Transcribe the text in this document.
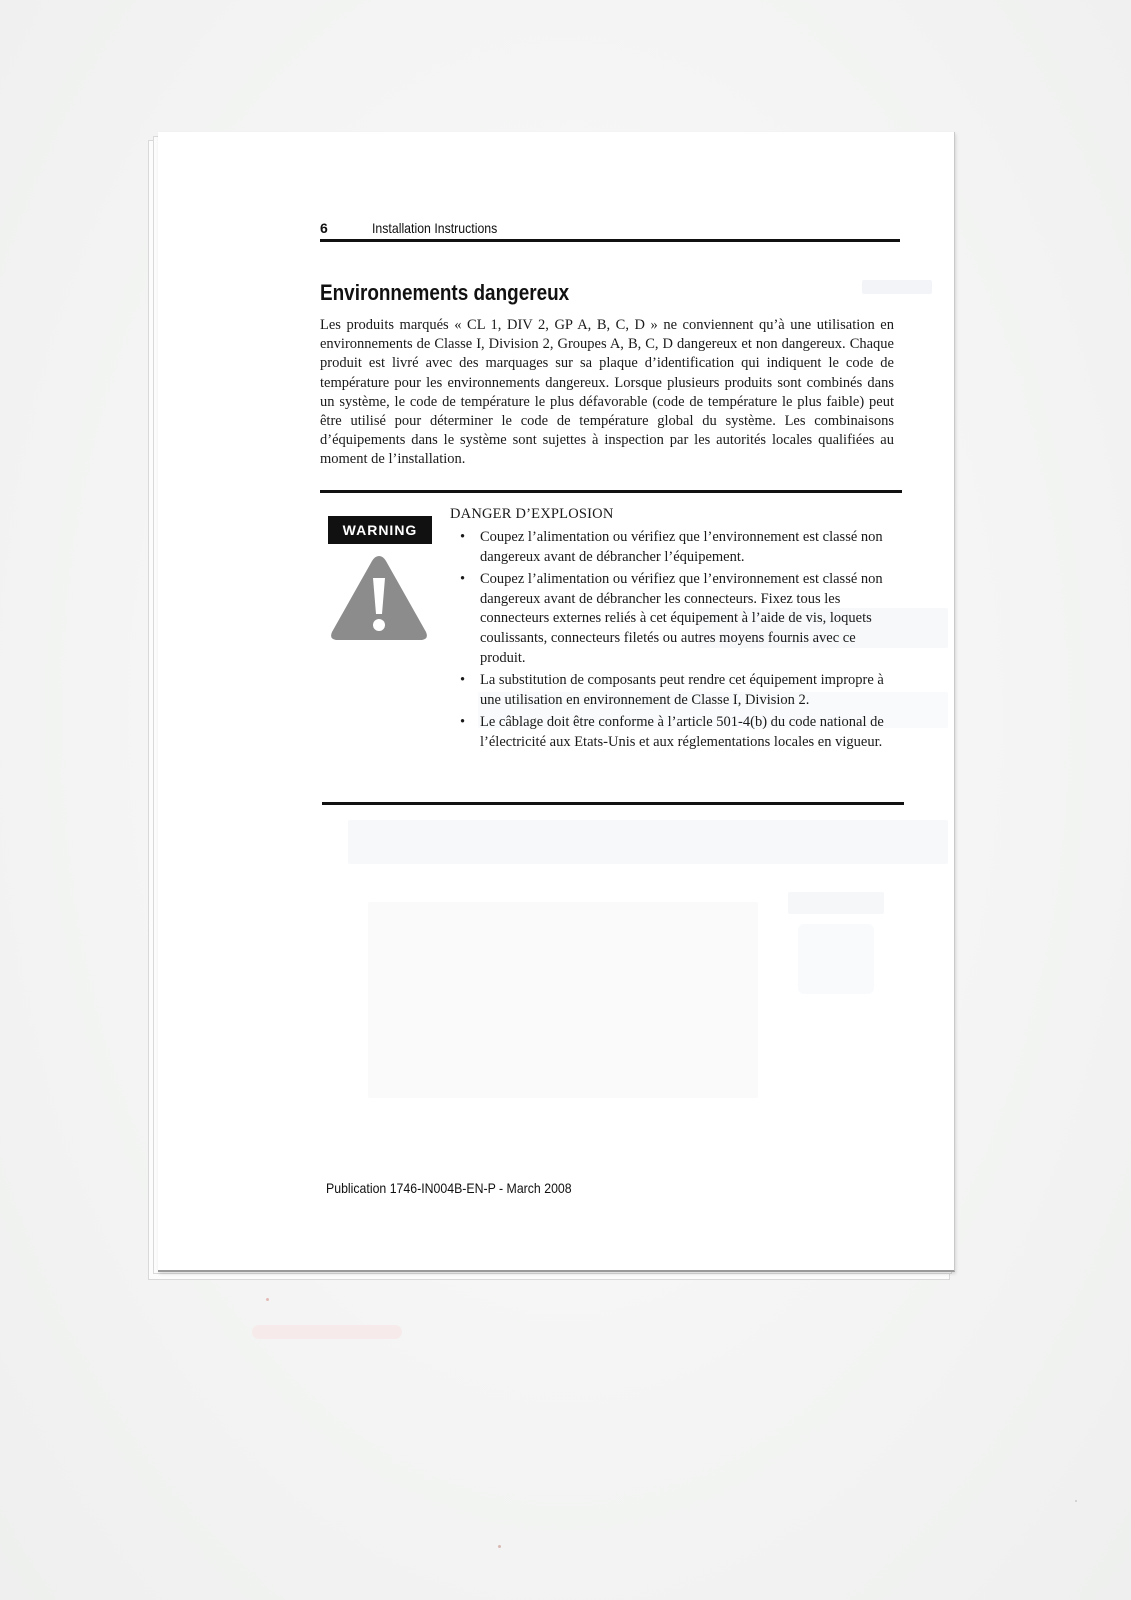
6	Installation Instructions
Environnements dangereux

Les produits marqués « CL 1, DIV 2, GP A, B, C, D » ne conviennent qu’à une utilisation en environnements de Classe I, Division 2, Groupes A, B, C, D dangereux et non dangereux. Chaque produit est livré avec des marquages sur sa plaque d’identification qui indiquent le code de température pour les environnements dangereux. Lorsque plusieurs produits sont combinés dans un système, le code de température le plus défavorable (code de température le plus faible) peut être utilisé pour déterminer le code de température global du système. Les combinaisons d’équipements dans le système sont sujettes à inspection par les autorités locales qualifiées au moment de l’installation.

WARNING
DANGER D’EXPLOSION
• Coupez l’alimentation ou vérifiez que l’environnement est classé non dangereux avant de débrancher l’équipement.
• Coupez l’alimentation ou vérifiez que l’environnement est classé non dangereux avant de débrancher les connecteurs. Fixez tous les connecteurs externes reliés à cet équipement à l’aide de vis, loquets coulissants, connecteurs filetés ou autres moyens fournis avec ce produit.
• La substitution de composants peut rendre cet équipement impropre à une utilisation en environnement de Classe I, Division 2.
• Le câblage doit être conforme à l’article 501-4(b) du code national de l’électricité aux Etats-Unis et aux réglementations locales en vigueur.
Publication 1746-IN004B-EN-P - March 2008
